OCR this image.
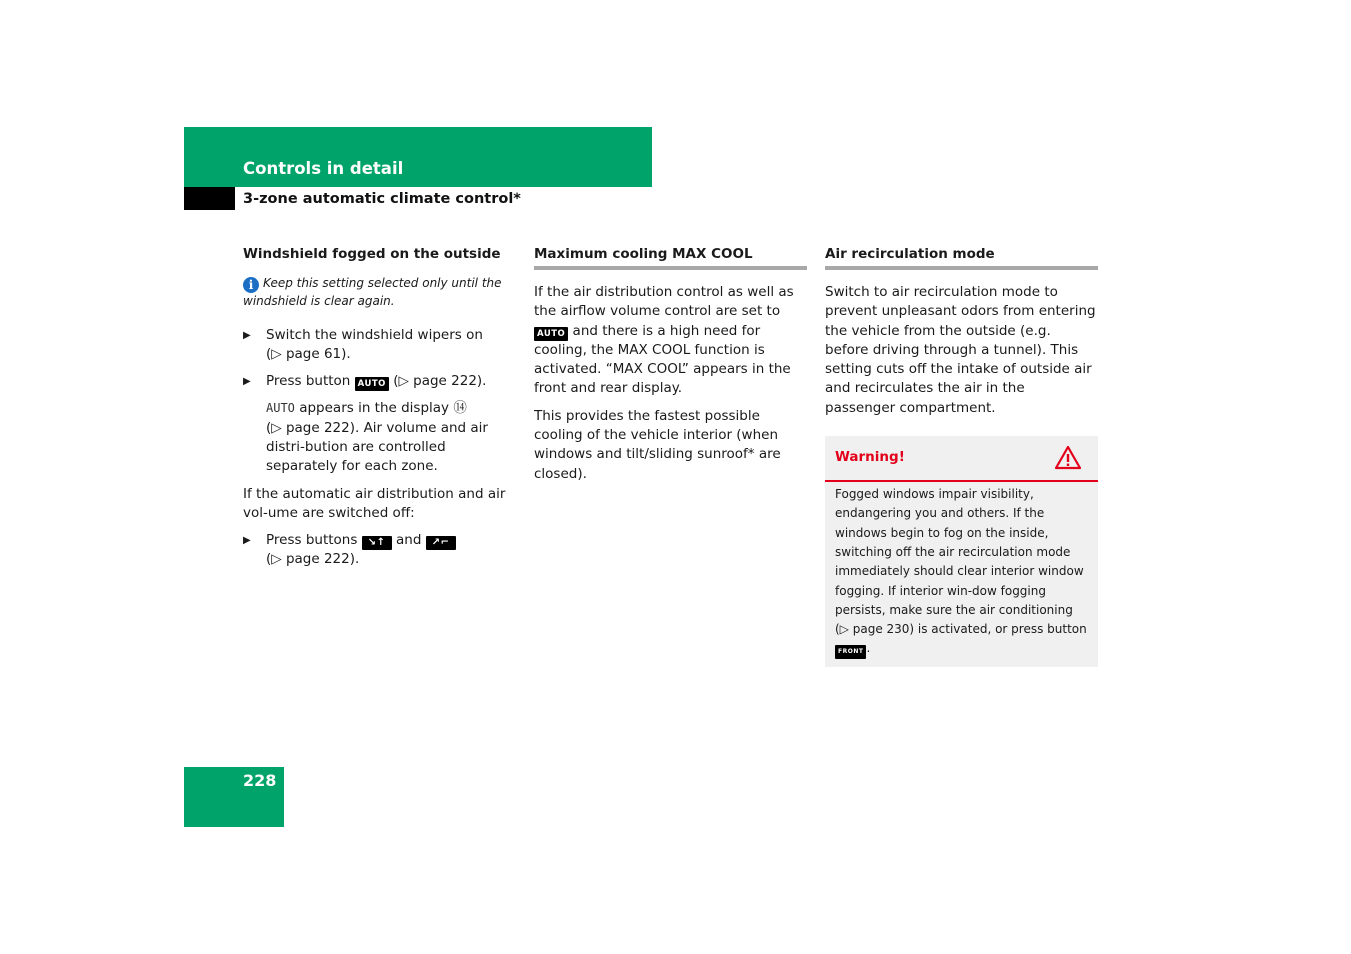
Controls in detail
3-zone automatic climate control*
Windshield fogged on the outside

i Keep this setting selected only until the windshield is clear again.

▶ Switch the windshield wipers on
(▷ page 61).

▶ Press button AUTO (▷ page 222).

AUTO appears in the display ⑭
(▷ page 222). Air volume and air distri-bution are controlled separately for each zone.

If the automatic air distribution and air vol-ume are switched off:

▶ Press buttons ↘↑ and ↗⌐
(▷ page 222).

Maximum cooling MAX COOL

If the air distribution control as well as the airflow volume control are set to AUTO and there is a high need for cooling, the MAX COOL function is activated. “MAX COOL” appears in the front and rear display.

This provides the fastest possible cooling of the vehicle interior (when windows and tilt/sliding sunroof* are closed).

Air recirculation mode

Switch to air recirculation mode to prevent unpleasant odors from entering the vehicle from the outside (e.g. before driving through a tunnel). This setting cuts off the intake of outside air and recirculates the air in the passenger compartment.

Warning!
Fogged windows impair visibility, endangering you and others. If the windows begin to fog on the inside, switching off the air recirculation mode immediately should clear interior window fogging. If interior win-dow fogging persists, make sure the air conditioning (▷ page 230) is activated, or press button FRONT .
228
